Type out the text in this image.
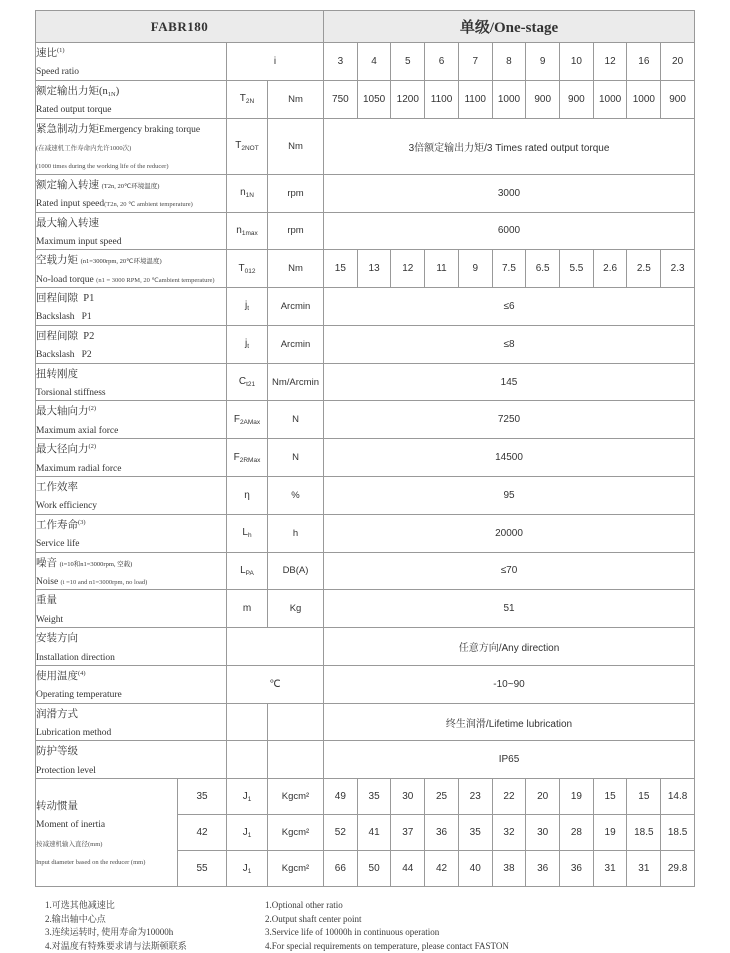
FABR180				单级/One-stage										

速比$^{(1)}$
Speed ratio		i		3	4	5	6	7	8	9	10	12	16	20

额定输出力矩(n1N)
Rated output torque		$T_{2N}$	Nm	750	1050	1200	1100	1100	1000	900	900	1000	1000	900

紧急制动力矩Emergency braking torque
(在减速机工作寿命内允许1000次)
(1000 times during the working life of the reducer)		$T_{2NOT}$	Nm	3倍额定输出力矩/3 Times rated output torque										

额定输入转速 (T2n, 20℃环境温度)
Rated input speed(T2n, 20 ℃ ambient temperature)		$n_{1N}$	rpm	3000										

最大输入转速
Maximum input speed		$n_{1max}$	rpm	6000										

空载力矩 (n1=3000rpm, 20℃环境温度)
No-load torque (n1 = 3000 RPM, 20 ℃ambient temperature)		$T_{012}$	Nm	15	13	12	11	9	7.5	6.5	5.5	2.6	2.5	2.3

回程间隙  P1
Backslash   P1		$j_t$	Arcmin	≤6										

回程间隙  P2
Backslash   P2		$j_t$	Arcmin	≤8										

扭转刚度
Torsional stiffness		$C_{t21}$	Nm/Arcmin	145										

最大轴向力$^{(2)}$
Maximum axial force		$F_{2AMax}$	N	7250										

最大径向力$^{(2)}$
Maximum radial force		$F_{2RMax}$	N	14500										

工作效率
Work efficiency		η	%	95										

工作寿命$^{(3)}$
Service life		$L_h$	h	20000										

噪音 (i=10和n1=3000rpm, 空载)
Noise (i =10 and n1=3000rpm, no load)		$L_{PA}$	DB(A)	≤70										

重量
Weight		m	Kg	51										

安装方向
Installation direction				任意方向/Any direction										

使用温度$^{(4)}$
Operating temperature		℃		-10~90										

润滑方式
Lubrication method				终生润滑/Lifetime lubrication										

防护等级
Protection level				IP65										

转动惯量
Moment of inertia
按减速机输入直径(mm)
Input diameter based on the reducer (mm)	35	$J_1$	Kgcm²	49	35	30	25	23	22	20	19	15	15	14.8
	42	$J_1$	Kgcm²	52	41	37	36	35	32	30	28	19	18.5	18.5
	55	$J_1$	Kgcm²	66	50	44	42	40	38	36	36	31	31	29.8
1.可选其他减速比
2.输出轴中心点
3.连续运转时, 使用寿命为10000h
4.对温度有特殊要求请与法斯顿联系
1.Optional other ratio
2.Output shaft center point
3.Service life of 10000h in continuous operation
4.For special requirements on temperature, please contact FASTON
